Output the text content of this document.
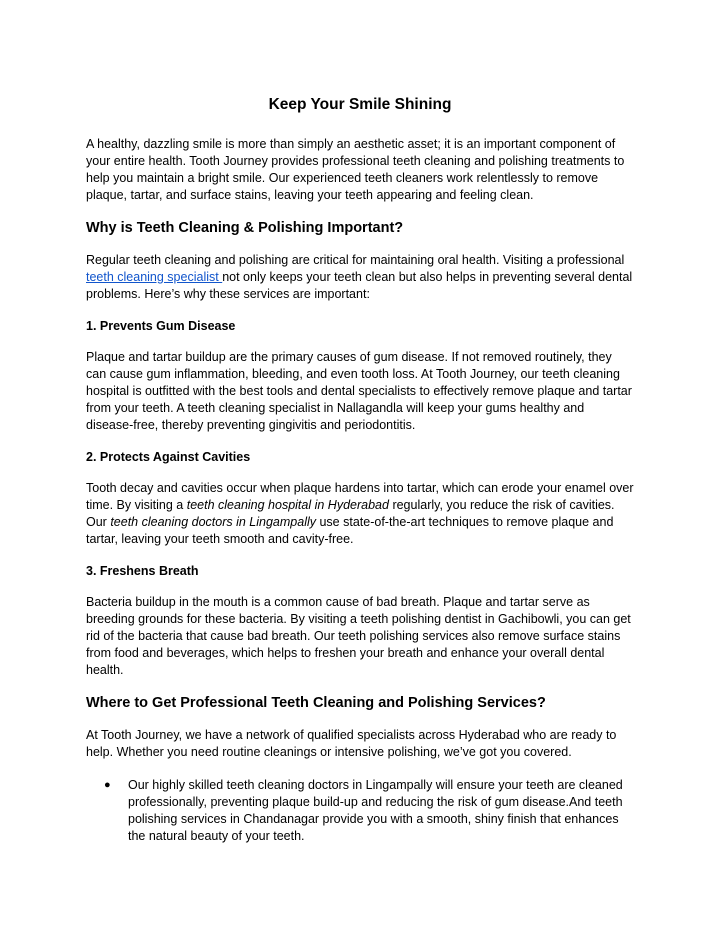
Keep Your Smile Shining

A healthy, dazzling smile is more than simply an aesthetic asset; it is an important component of your entire health. Tooth Journey provides professional teeth cleaning and polishing treatments to help you maintain a bright smile. Our experienced teeth cleaners work relentlessly to remove plaque, tartar, and surface stains, leaving your teeth appearing and feeling clean.

Why is Teeth Cleaning & Polishing Important?

Regular teeth cleaning and polishing are critical for maintaining oral health. Visiting a professional teeth cleaning specialist not only keeps your teeth clean but also helps in preventing several dental problems. Here’s why these services are important:

1. Prevents Gum Disease

Plaque and tartar buildup are the primary causes of gum disease. If not removed routinely, they can cause gum inflammation, bleeding, and even tooth loss. At Tooth Journey, our teeth cleaning hospital is outfitted with the best tools and dental specialists to effectively remove plaque and tartar from your teeth. A teeth cleaning specialist in Nallagandla will keep your gums healthy and disease-free, thereby preventing gingivitis and periodontitis.

2. Protects Against Cavities

Tooth decay and cavities occur when plaque hardens into tartar, which can erode your enamel over time. By visiting a teeth cleaning hospital in Hyderabad regularly, you reduce the risk of cavities. Our teeth cleaning doctors in Lingampally use state-of-the-art techniques to remove plaque and tartar, leaving your teeth smooth and cavity-free.

3. Freshens Breath

Bacteria buildup in the mouth is a common cause of bad breath. Plaque and tartar serve as breeding grounds for these bacteria. By visiting a teeth polishing dentist in Gachibowli, you can get rid of the bacteria that cause bad breath. Our teeth polishing services also remove surface stains from food and beverages, which helps to freshen your breath and enhance your overall dental health.

Where to Get Professional Teeth Cleaning and Polishing Services?

At Tooth Journey, we have a network of qualified specialists across Hyderabad who are ready to help. Whether you need routine cleanings or intensive polishing, we’ve got you covered.

● Our highly skilled teeth cleaning doctors in Lingampally will ensure your teeth are cleaned professionally, preventing plaque build-up and reducing the risk of gum disease.And teeth polishing services in Chandanagar provide you with a smooth, shiny finish that enhances the natural beauty of your teeth.
